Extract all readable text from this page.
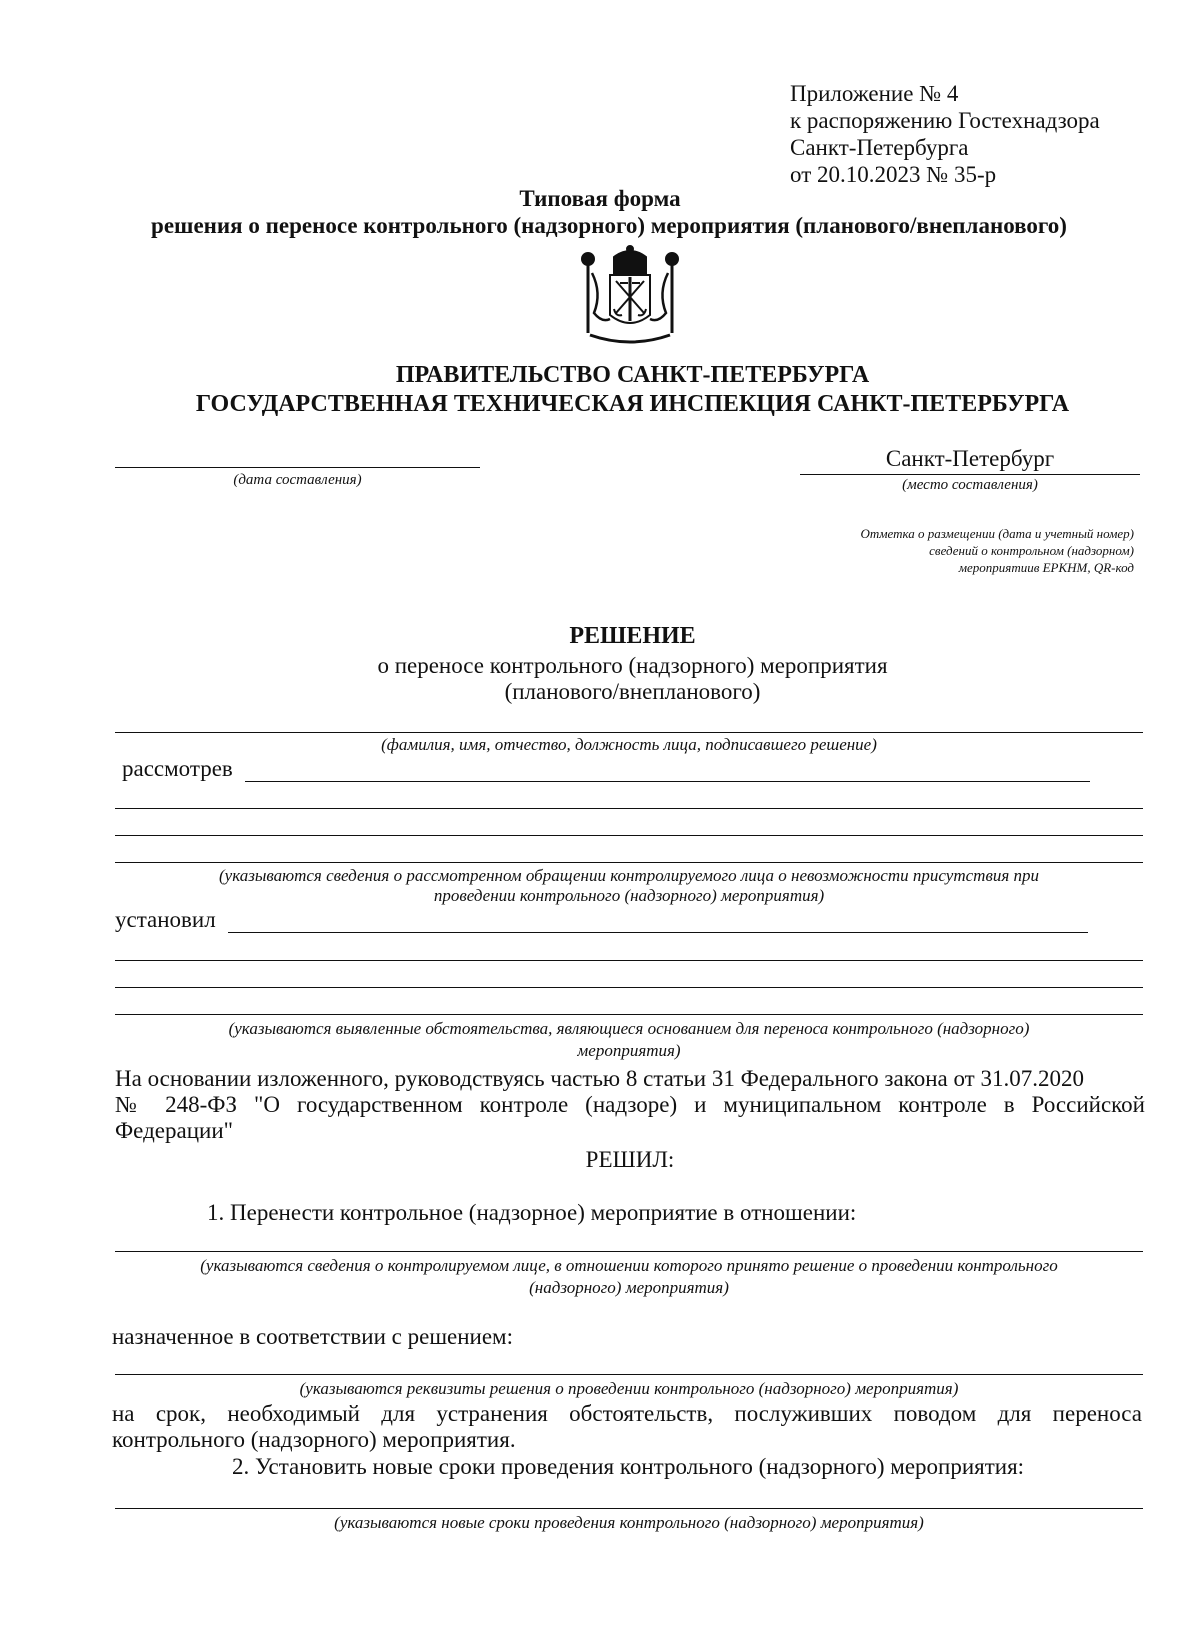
Приложение № 4
к распоряжению Гостехнадзора
Санкт-Петербурга
от 20.10.2023 № 35-р
Типовая форма
решения о переносе контрольного (надзорного) мероприятия (планового/внепланового)
ПРАВИТЕЛЬСТВО САНКТ-ПЕТЕРБУРГА
ГОСУДАРСТВЕННАЯ ТЕХНИЧЕСКАЯ ИНСПЕКЦИЯ САНКТ-ПЕТЕРБУРГА
(дата составления)
Санкт-Петербург
(место составления)
Отметка о размещении (дата и учетный номер)
сведений о контрольном (надзорном)
мероприятиив ЕРКНМ, QR-код
РЕШЕНИЕ
о переносе контрольного (надзорного) мероприятия
(планового/внепланового)
(фамилия, имя, отчество, должность лица, подписавшего решение)
рассмотрев
(указываются сведения о рассмотренном обращении контролируемого лица о невозможности присутствия при
проведении контрольного (надзорного) мероприятия)
установил
(указываются выявленные обстоятельства, являющиеся основанием для переноса контрольного (надзорного)
мероприятия)
На основании изложенного, руководствуясь частью 8 статьи 31 Федерального закона от 31.07.2020
№ 248-ФЗ "О государственном контроле (надзоре) и муниципальном контроле в Российской
Федерации"
РЕШИЛ:
1. Перенести контрольное (надзорное) мероприятие в отношении:
(указываются сведения о контролируемом лице, в отношении которого принято решение о проведении контрольного
(надзорного) мероприятия)
назначенное в соответствии с решением:
(указываются реквизиты решения о проведении контрольного (надзорного) мероприятия)
на срок, необходимый для устранения обстоятельств, послуживших поводом для переноса
контрольного (надзорного) мероприятия.
2. Установить новые сроки проведения контрольного (надзорного) мероприятия:
(указываются новые сроки проведения контрольного (надзорного) мероприятия)
